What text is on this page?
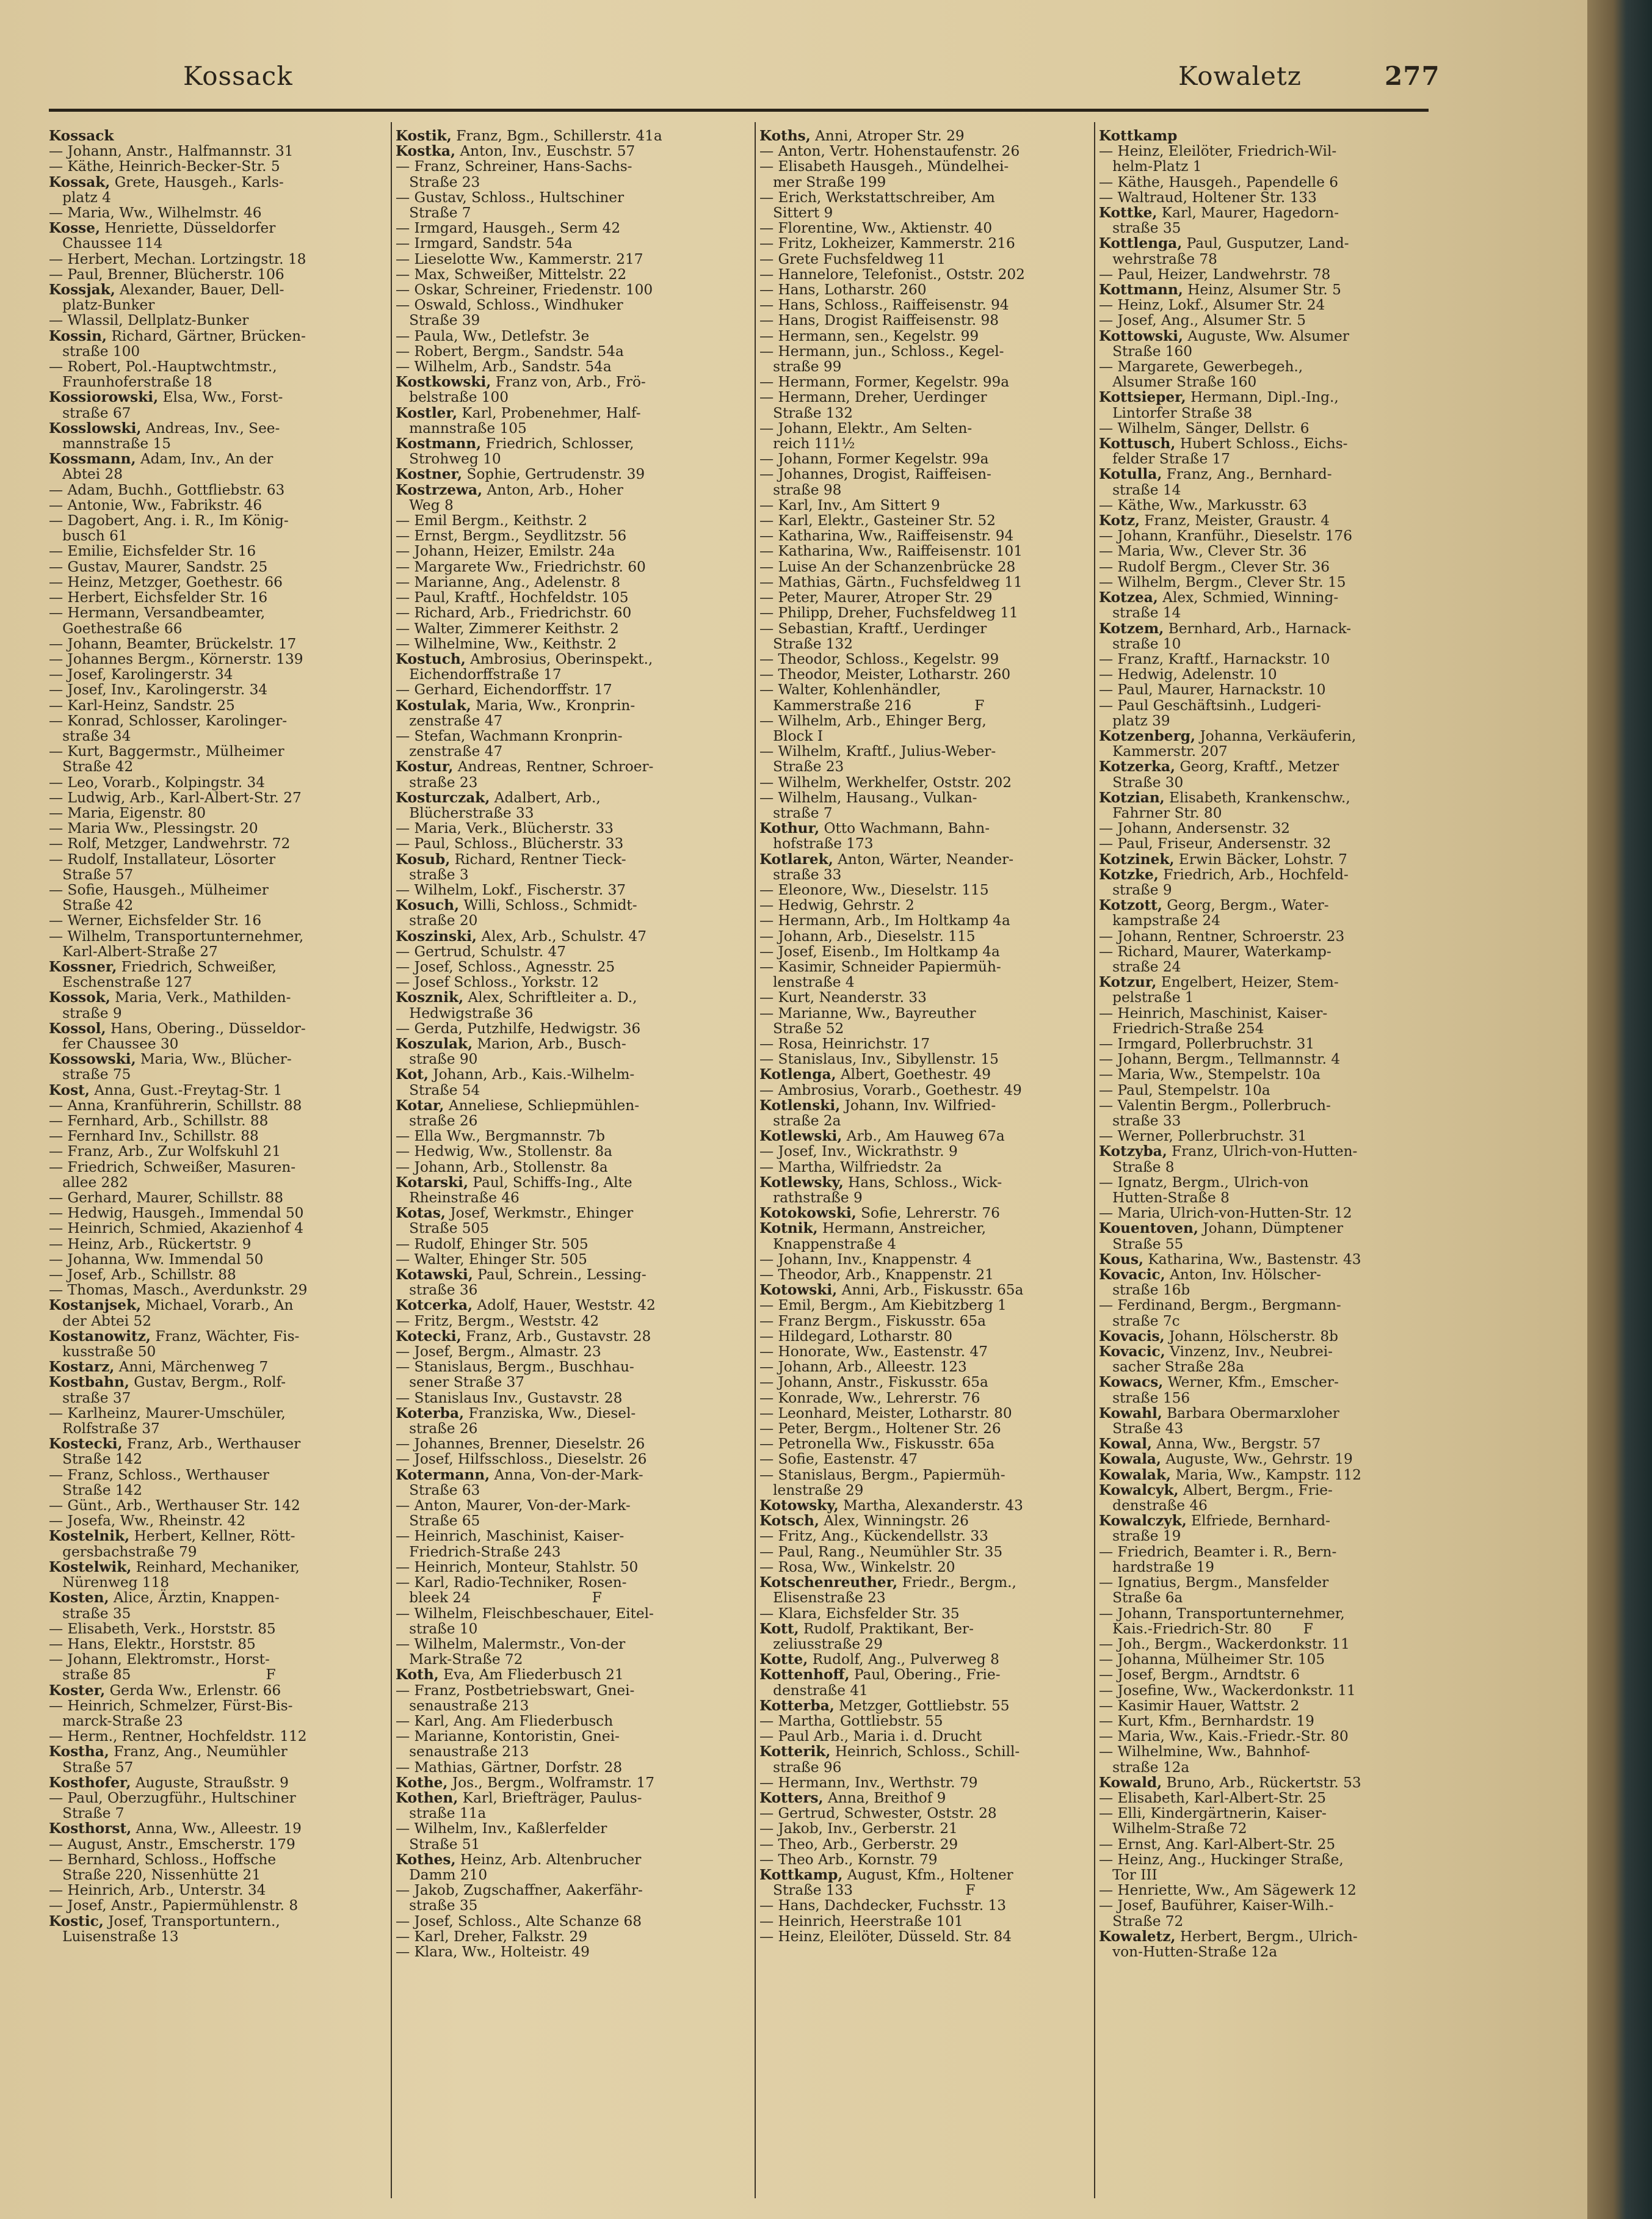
Kossack	Kowaletz	277
Kossack
— Johann, Anstr., Halfmannstr. 31
— Käthe, Heinrich-Becker-Str. 5
Kossak, Grete, Hausgeh., Karls-
platz 4
— Maria, Ww., Wilhelmstr. 46
Kosse, Henriette, Düsseldorfer
Chaussee 114
— Herbert, Mechan. Lortzingstr. 18
— Paul, Brenner, Blücherstr. 106
Kossjak, Alexander, Bauer, Dell-
platz-Bunker
— Wlassil, Dellplatz-Bunker
Kossin, Richard, Gärtner, Brücken-
straße 100
— Robert, Pol.-Hauptwchtmstr.,
Fraunhoferstraße 18
Kossiorowski, Elsa, Ww., Forst-
straße 67
Kosslowski, Andreas, Inv., See-
mannstraße 15
Kossmann, Adam, Inv., An der
Abtei 28
— Adam, Buchh., Gottfliebstr. 63
— Antonie, Ww., Fabrikstr. 46
— Dagobert, Ang. i. R., Im König-
busch 61
— Emilie, Eichsfelder Str. 16
— Gustav, Maurer, Sandstr. 25
— Heinz, Metzger, Goethestr. 66
— Herbert, Eichsfelder Str. 16
— Hermann, Versandbeamter,
Goethestraße 66
— Johann, Beamter, Brückelstr. 17
— Johannes Bergm., Körnerstr. 139
— Josef, Karolingerstr. 34
— Josef, Inv., Karolingerstr. 34
— Karl-Heinz, Sandstr. 25
— Konrad, Schlosser, Karolinger-
straße 34
— Kurt, Baggermstr., Mülheimer
Straße 42
— Leo, Vorarb., Kolpingstr. 34
— Ludwig, Arb., Karl-Albert-Str. 27
— Maria, Eigenstr. 80
— Maria Ww., Plessingstr. 20
— Rolf, Metzger, Landwehrstr. 72
— Rudolf, Installateur, Lösorter
Straße 57
— Sofie, Hausgeh., Mülheimer
Straße 42
— Werner, Eichsfelder Str. 16
— Wilhelm, Transportunternehmer,
Karl-Albert-Straße 27
Kossner, Friedrich, Schweißer,
Eschenstraße 127
Kossok, Maria, Verk., Mathilden-
straße 9
Kossol, Hans, Obering., Düsseldor-
fer Chaussee 30
Kossowski, Maria, Ww., Blücher-
straße 75
Kost, Anna, Gust.-Freytag-Str. 1
— Anna, Kranführerin, Schillstr. 88
— Fernhard, Arb., Schillstr. 88
— Fernhard Inv., Schillstr. 88
— Franz, Arb., Zur Wolfskuhl 21
— Friedrich, Schweißer, Masuren-
allee 282
— Gerhard, Maurer, Schillstr. 88
— Hedwig, Hausgeh., Immendal 50
— Heinrich, Schmied, Akazienhof 4
— Heinz, Arb., Rückertstr. 9
— Johanna, Ww. Immendal 50
— Josef, Arb., Schillstr. 88
— Thomas, Masch., Averdunkstr. 29
Kostanjsek, Michael, Vorarb., An
der Abtei 52
Kostanowitz, Franz, Wächter, Fis-
kusstraße 50
Kostarz, Anni, Märchenweg 7
Kostbahn, Gustav, Bergm., Rolf-
straße 37
— Karlheinz, Maurer-Umschüler,
Rolfstraße 37
Kostecki, Franz, Arb., Werthauser
Straße 142
— Franz, Schloss., Werthauser
Straße 142
— Günt., Arb., Werthauser Str. 142
— Josefa, Ww., Rheinstr. 42
Kostelnik, Herbert, Kellner, Rött-
gersbachstraße 79
Kostelwik, Reinhard, Mechaniker,
Nürenweg 118
Kosten, Alice, Ärztin, Knappen-
straße 35
— Elisabeth, Verk., Horststr. 85
— Hans, Elektr., Horststr. 85
— Johann, Elektromstr., Horst-
straße 85                              F
Koster, Gerda Ww., Erlenstr. 66
— Heinrich, Schmelzer, Fürst-Bis-
marck-Straße 23
— Herm., Rentner, Hochfeldstr. 112
Kostha, Franz, Ang., Neumühler
Straße 57
Kosthofer, Auguste, Straußstr. 9
— Paul, Oberzugführ., Hultschiner
Straße 7
Kosthorst, Anna, Ww., Alleestr. 19
— August, Anstr., Emscherstr. 179
— Bernhard, Schloss., Hoffsche
Straße 220, Nissenhütte 21
— Heinrich, Arb., Unterstr. 34
— Josef, Anstr., Papiermühlenstr. 8
Kostic, Josef, Transportuntern.,
Luisenstraße 13
Kostik, Franz, Bgm., Schillerstr. 41a
Kostka, Anton, Inv., Euschstr. 57
— Franz, Schreiner, Hans-Sachs-
Straße 23
— Gustav, Schloss., Hultschiner
Straße 7
— Irmgard, Hausgeh., Serm 42
— Irmgard, Sandstr. 54a
— Lieselotte Ww., Kammerstr. 217
— Max, Schweißer, Mittelstr. 22
— Oskar, Schreiner, Friedenstr. 100
— Oswald, Schloss., Windhuker
Straße 39
— Paula, Ww., Detlefstr. 3e
— Robert, Bergm., Sandstr. 54a
— Wilhelm, Arb., Sandstr. 54a
Kostkowski, Franz von, Arb., Frö-
belstraße 100
Kostler, Karl, Probenehmer, Half-
mannstraße 105
Kostmann, Friedrich, Schlosser,
Strohweg 10
Kostner, Sophie, Gertrudenstr. 39
Kostrzewa, Anton, Arb., Hoher
Weg 8
— Emil Bergm., Keithstr. 2
— Ernst, Bergm., Seydlitzstr. 56
— Johann, Heizer, Emilstr. 24a
— Margarete Ww., Friedrichstr. 60
— Marianne, Ang., Adelenstr. 8
— Paul, Kraftf., Hochfeldstr. 105
— Richard, Arb., Friedrichstr. 60
— Walter, Zimmerer Keithstr. 2
— Wilhelmine, Ww., Keithstr. 2
Kostuch, Ambrosius, Oberinspekt.,
Eichendorffstraße 17
— Gerhard, Eichendorffstr. 17
Kostulak, Maria, Ww., Kronprin-
zenstraße 47
— Stefan, Wachmann Kronprin-
zenstraße 47
Kostur, Andreas, Rentner, Schroer-
straße 23
Kosturczak, Adalbert, Arb.,
Blücherstraße 33
— Maria, Verk., Blücherstr. 33
— Paul, Schloss., Blücherstr. 33
Kosub, Richard, Rentner Tieck-
straße 3
— Wilhelm, Lokf., Fischerstr. 37
Kosuch, Willi, Schloss., Schmidt-
straße 20
Koszinski, Alex, Arb., Schulstr. 47
— Gertrud, Schulstr. 47
— Josef, Schloss., Agnesstr. 25
— Josef Schloss., Yorkstr. 12
Kosznik, Alex, Schriftleiter a. D.,
Hedwigstraße 36
— Gerda, Putzhilfe, Hedwigstr. 36
Koszulak, Marion, Arb., Busch-
straße 90
Kot, Johann, Arb., Kais.-Wilhelm-
Straße 54
Kotar, Anneliese, Schliepmühlen-
straße 26
— Ella Ww., Bergmannstr. 7b
— Hedwig, Ww., Stollenstr. 8a
— Johann, Arb., Stollenstr. 8a
Kotarski, Paul, Schiffs-Ing., Alte
Rheinstraße 46
Kotas, Josef, Werkmstr., Ehinger
Straße 505
— Rudolf, Ehinger Str. 505
— Walter, Ehinger Str. 505
Kotawski, Paul, Schrein., Lessing-
straße 36
Kotcerka, Adolf, Hauer, Weststr. 42
— Fritz, Bergm., Weststr. 42
Kotecki, Franz, Arb., Gustavstr. 28
— Josef, Bergm., Almastr. 23
— Stanislaus, Bergm., Buschhau-
sener Straße 37
— Stanislaus Inv., Gustavstr. 28
Koterba, Franziska, Ww., Diesel-
straße 26
— Johannes, Brenner, Dieselstr. 26
— Josef, Hilfsschloss., Dieselstr. 26
Kotermann, Anna, Von-der-Mark-
Straße 63
— Anton, Maurer, Von-der-Mark-
Straße 65
— Heinrich, Maschinist, Kaiser-
Friedrich-Straße 243
— Heinrich, Monteur, Stahlstr. 50
— Karl, Radio-Techniker, Rosen-
bleek 24                           F
— Wilhelm, Fleischbeschauer, Eitel-
straße 10
— Wilhelm, Malermstr., Von-der
Mark-Straße 72
Koth, Eva, Am Fliederbusch 21
— Franz, Postbetriebswart, Gnei-
senaustraße 213
— Karl, Ang. Am Fliederbusch
— Marianne, Kontoristin, Gnei-
senaustraße 213
— Mathias, Gärtner, Dorfstr. 28
Kothe, Jos., Bergm., Wolframstr. 17
Kothen, Karl, Briefträger, Paulus-
straße 11a
— Wilhelm, Inv., Kaßlerfelder
Straße 51
Kothes, Heinz, Arb. Altenbrucher
Damm 210
— Jakob, Zugschaffner, Aakerfähr-
straße 35
— Josef, Schloss., Alte Schanze 68
— Karl, Dreher, Falkstr. 29
— Klara, Ww., Holteistr. 49
Koths, Anni, Atroper Str. 29
— Anton, Vertr. Hohenstaufenstr. 26
— Elisabeth Hausgeh., Mündelhei-
mer Straße 199
— Erich, Werkstattschreiber, Am
Sittert 9
— Florentine, Ww., Aktienstr. 40
— Fritz, Lokheizer, Kammerstr. 216
— Grete Fuchsfeldweg 11
— Hannelore, Telefonist., Oststr. 202
— Hans, Lotharstr. 260
— Hans, Schloss., Raiffeisenstr. 94
— Hans, Drogist Raiffeisenstr. 98
— Hermann, sen., Kegelstr. 99
— Hermann, jun., Schloss., Kegel-
straße 99
— Hermann, Former, Kegelstr. 99a
— Hermann, Dreher, Uerdinger
Straße 132
— Johann, Elektr., Am Selten-
reich 111½
— Johann, Former Kegelstr. 99a
— Johannes, Drogist, Raiffeisen-
straße 98
— Karl, Inv., Am Sittert 9
— Karl, Elektr., Gasteiner Str. 52
— Katharina, Ww., Raiffeisenstr. 94
— Katharina, Ww., Raiffeisenstr. 101
— Luise An der Schanzenbrücke 28
— Mathias, Gärtn., Fuchsfeldweg 11
— Peter, Maurer, Atroper Str. 29
— Philipp, Dreher, Fuchsfeldweg 11
— Sebastian, Kraftf., Uerdinger
Straße 132
— Theodor, Schloss., Kegelstr. 99
— Theodor, Meister, Lotharstr. 260
— Walter, Kohlenhändler,
Kammerstraße 216              F
— Wilhelm, Arb., Ehinger Berg,
Block I
— Wilhelm, Kraftf., Julius-Weber-
Straße 23
— Wilhelm, Werkhelfer, Oststr. 202
— Wilhelm, Hausang., Vulkan-
straße 7
Kothur, Otto Wachmann, Bahn-
hofstraße 173
Kotlarek, Anton, Wärter, Neander-
straße 33
— Eleonore, Ww., Dieselstr. 115
— Hedwig, Gehrstr. 2
— Hermann, Arb., Im Holtkamp 4a
— Johann, Arb., Dieselstr. 115
— Josef, Eisenb., Im Holtkamp 4a
— Kasimir, Schneider Papiermüh-
lenstraße 4
— Kurt, Neanderstr. 33
— Marianne, Ww., Bayreuther
Straße 52
— Rosa, Heinrichstr. 17
— Stanislaus, Inv., Sibyllenstr. 15
Kotlenga, Albert, Goethestr. 49
— Ambrosius, Vorarb., Goethestr. 49
Kotlenski, Johann, Inv. Wilfried-
straße 2a
Kotlewski, Arb., Am Hauweg 67a
— Josef, Inv., Wickrathstr. 9
— Martha, Wilfriedstr. 2a
Kotlewsky, Hans, Schloss., Wick-
rathstraße 9
Kotokowski, Sofie, Lehrerstr. 76
Kotnik, Hermann, Anstreicher,
Knappenstraße 4
— Johann, Inv., Knappenstr. 4
— Theodor, Arb., Knappenstr. 21
Kotowski, Anni, Arb., Fiskusstr. 65a
— Emil, Bergm., Am Kiebitzberg 1
— Franz Bergm., Fiskusstr. 65a
— Hildegard, Lotharstr. 80
— Honorate, Ww., Eastenstr. 47
— Johann, Arb., Alleestr. 123
— Johann, Anstr., Fiskusstr. 65a
— Konrade, Ww., Lehrerstr. 76
— Leonhard, Meister, Lotharstr. 80
— Peter, Bergm., Holtener Str. 26
— Petronella Ww., Fiskusstr. 65a
— Sofie, Eastenstr. 47
— Stanislaus, Bergm., Papiermüh-
lenstraße 29
Kotowsky, Martha, Alexanderstr. 43
Kotsch, Alex, Winningstr. 26
— Fritz, Ang., Kückendellstr. 33
— Paul, Rang., Neumühler Str. 35
— Rosa, Ww., Winkelstr. 20
Kotschenreuther, Friedr., Bergm.,
Elisenstraße 23
— Klara, Eichsfelder Str. 35
Kott, Rudolf, Praktikant, Ber-
zeliusstraße 29
Kotte, Rudolf, Ang., Pulverweg 8
Kottenhoff, Paul, Obering., Frie-
denstraße 41
Kotterba, Metzger, Gottliebstr. 55
— Martha, Gottliebstr. 55
— Paul Arb., Maria i. d. Drucht
Kotterik, Heinrich, Schloss., Schill-
straße 96
— Hermann, Inv., Werthstr. 79
Kotters, Anna, Breithof 9
— Gertrud, Schwester, Oststr. 28
— Jakob, Inv., Gerberstr. 21
— Theo, Arb., Gerberstr. 29
— Theo Arb., Kornstr. 79
Kottkamp, August, Kfm., Holtener
Straße 133                         F
— Hans, Dachdecker, Fuchsstr. 13
— Heinrich, Heerstraße 101
— Heinz, Eleilöter, Düsseld. Str. 84
Kottkamp
— Heinz, Eleilöter, Friedrich-Wil-
helm-Platz 1
— Käthe, Hausgeh., Papendelle 6
— Waltraud, Holtener Str. 133
Kottke, Karl, Maurer, Hagedorn-
straße 35
Kottlenga, Paul, Gusputzer, Land-
wehrstraße 78
— Paul, Heizer, Landwehrstr. 78
Kottmann, Heinz, Alsumer Str. 5
— Heinz, Lokf., Alsumer Str. 24
— Josef, Ang., Alsumer Str. 5
Kottowski, Auguste, Ww. Alsumer
Straße 160
— Margarete, Gewerbegeh.,
Alsumer Straße 160
Kottsieper, Hermann, Dipl.-Ing.,
Lintorfer Straße 38
— Wilhelm, Sänger, Dellstr. 6
Kottusch, Hubert Schloss., Eichs-
felder Straße 17
Kotulla, Franz, Ang., Bernhard-
straße 14
— Käthe, Ww., Markusstr. 63
Kotz, Franz, Meister, Graustr. 4
— Johann, Kranführ., Dieselstr. 176
— Maria, Ww., Clever Str. 36
— Rudolf Bergm., Clever Str. 36
— Wilhelm, Bergm., Clever Str. 15
Kotzea, Alex, Schmied, Winning-
straße 14
Kotzem, Bernhard, Arb., Harnack-
straße 10
— Franz, Kraftf., Harnackstr. 10
— Hedwig, Adelenstr. 10
— Paul, Maurer, Harnackstr. 10
— Paul Geschäftsinh., Ludgeri-
platz 39
Kotzenberg, Johanna, Verkäuferin,
Kammerstr. 207
Kotzerka, Georg, Kraftf., Metzer
Straße 30
Kotzian, Elisabeth, Krankenschw.,
Fahrner Str. 80
— Johann, Andersenstr. 32
— Paul, Friseur, Andersenstr. 32
Kotzinek, Erwin Bäcker, Lohstr. 7
Kotzke, Friedrich, Arb., Hochfeld-
straße 9
Kotzott, Georg, Bergm., Water-
kampstraße 24
— Johann, Rentner, Schroerstr. 23
— Richard, Maurer, Waterkamp-
straße 24
Kotzur, Engelbert, Heizer, Stem-
pelstraße 1
— Heinrich, Maschinist, Kaiser-
Friedrich-Straße 254
— Irmgard, Pollerbruchstr. 31
— Johann, Bergm., Tellmannstr. 4
— Maria, Ww., Stempelstr. 10a
— Paul, Stempelstr. 10a
— Valentin Bergm., Pollerbruch-
straße 33
— Werner, Pollerbruchstr. 31
Kotzyba, Franz, Ulrich-von-Hutten-
Straße 8
— Ignatz, Bergm., Ulrich-von
Hutten-Straße 8
— Maria, Ulrich-von-Hutten-Str. 12
Kouentoven, Johann, Dümptener
Straße 55
Kous, Katharina, Ww., Bastenstr. 43
Kovacic, Anton, Inv. Hölscher-
straße 16b
— Ferdinand, Bergm., Bergmann-
straße 7c
Kovacis, Johann, Hölscherstr. 8b
Kovacic, Vinzenz, Inv., Neubrei-
sacher Straße 28a
Kowacs, Werner, Kfm., Emscher-
straße 156
Kowahl, Barbara Obermarxloher
Straße 43
Kowal, Anna, Ww., Bergstr. 57
Kowala, Auguste, Ww., Gehrstr. 19
Kowalak, Maria, Ww., Kampstr. 112
Kowalcyk, Albert, Bergm., Frie-
denstraße 46
Kowalczyk, Elfriede, Bernhard-
straße 19
— Friedrich, Beamter i. R., Bern-
hardstraße 19
— Ignatius, Bergm., Mansfelder
Straße 6a
— Johann, Transportunternehmer,
Kais.-Friedrich-Str. 80       F
— Joh., Bergm., Wackerdonkstr. 11
— Johanna, Mülheimer Str. 105
— Josef, Bergm., Arndtstr. 6
— Josefine, Ww., Wackerdonkstr. 11
— Kasimir Hauer, Wattstr. 2
— Kurt, Kfm., Bernhardstr. 19
— Maria, Ww., Kais.-Friedr.-Str. 80
— Wilhelmine, Ww., Bahnhof-
straße 12a
Kowald, Bruno, Arb., Rückertstr. 53
— Elisabeth, Karl-Albert-Str. 25
— Elli, Kindergärtnerin, Kaiser-
Wilhelm-Straße 72
— Ernst, Ang. Karl-Albert-Str. 25
— Heinz, Ang., Huckinger Straße,
Tor III
— Henriette, Ww., Am Sägewerk 12
— Josef, Bauführer, Kaiser-Wilh.-
Straße 72
Kowaletz, Herbert, Bergm., Ulrich-
von-Hutten-Straße 12a
